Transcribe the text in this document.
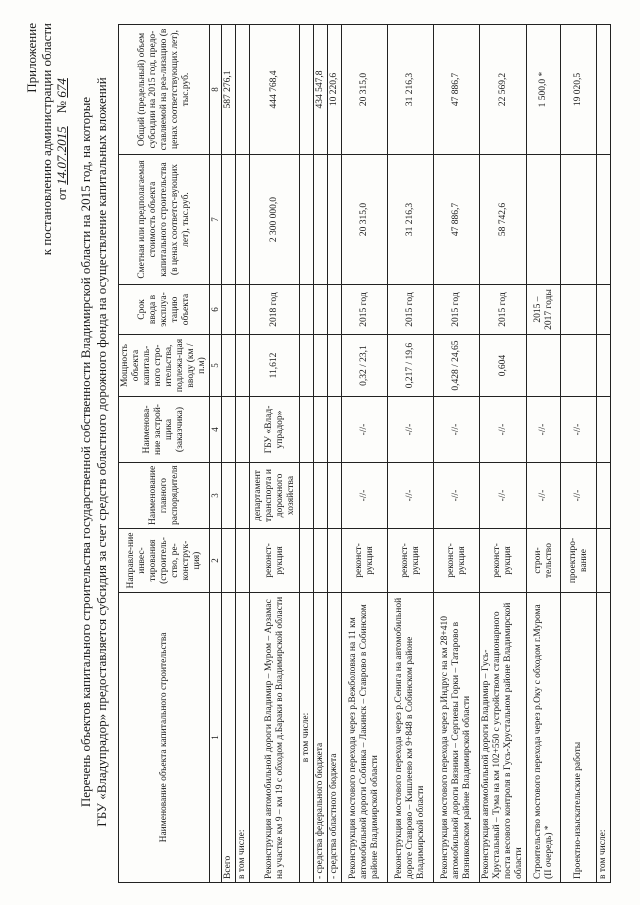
Приложение к постановлению администрации области от 14.07.2015    № 674
Перечень объектов капитального строительства государственной собственности Владимирской области на 2015 год, на которые ГБУ «Владупрадор» предоставляется субсидия за счет средств областного дорожного фонда на осуществление капитальных вложений	Наименование объекта капитального строительства	Направле-ние инвес-тирования (строитель-ство, ре-конструк-ция)	Наименование главного распорядителя	Наименова-ние застрой-щика (заказчика)	Мощность объекта капиталь-ного стро-ительства, подлежа-щая вводу (км / п.м)	Срок ввода в эксплуа-тацию объекта	Сметная или предполагаемая стоимость объекта капитального строительства (в ценах соответст-вующих лет), тыс.руб.	Общий (предельный) объем субсидии на 2015 год, предо-ставляемой на реа-лизацию (в ценах соответствующих лет), тыс.руб.
1	2	3	4	5	6	7	8
Всего							587 276,1
в том числе:							
Реконструкция автомобильной дороги Владимир – Муром – Арзамас на участке км 9 – км 19 с обходом д.Бараки во Владимирской области	реконст-рукция	департамент транспорта и дорожного хозяйства	ГБУ «Влад-упрадор»	11,612	2018 год	2 300 000,0	444 768,4
в том числе:							
- средства федерального бюджета							434 547,8
- средства областного бюджета							10 220,6
Реконструкция мостового перехода через р.Вежболовка на 11 км автомобильной дороги Собинка – Лакинск – Ставрово в Собинском районе Владимирской области	реконст-рукция	-//-	-//-	0,32 / 23,1	2015 год	20 315,0	20 315,0
Реконструкция мостового перехода через р.Сенига на автомобильной дороге Ставрово – Кишлеево км 9+848 в Собинском районе Владимирской области	реконст-рукция	-//-	-//-	0,217 / 19,6	2015 год	31 216,3	31 216,3
Реконструкция мостового перехода через р.Индрус на км 28+410 автомобильной дороги Вязники – Сергиевы Горки – Татарово в Вязниковском районе Владимирской области	реконст-рукция	-//-	-//-	0,428 / 24,65	2015 год	47 886,7	47 886,7
Реконструкция автомобильной дороги Владимир – Гусь-Хрустальный – Тума на км 102+550 с устройством стационарного поста весового контроля в Гусь-Хрустальном районе Владимирской области	реконст-рукция	-//-	-//-	0,604	2015 год	58 742,6	22 569,2
Строительство мостового перехода через р.Оку с обходом г.Мурома (II очередь) *	строи-тельство	-//-	-//-		2015 – 2017 годы		1 500,0 *
Проектно-изыскательские работы	проектиро-вание	-//-	-//-				19 020,5
в том числе:							
